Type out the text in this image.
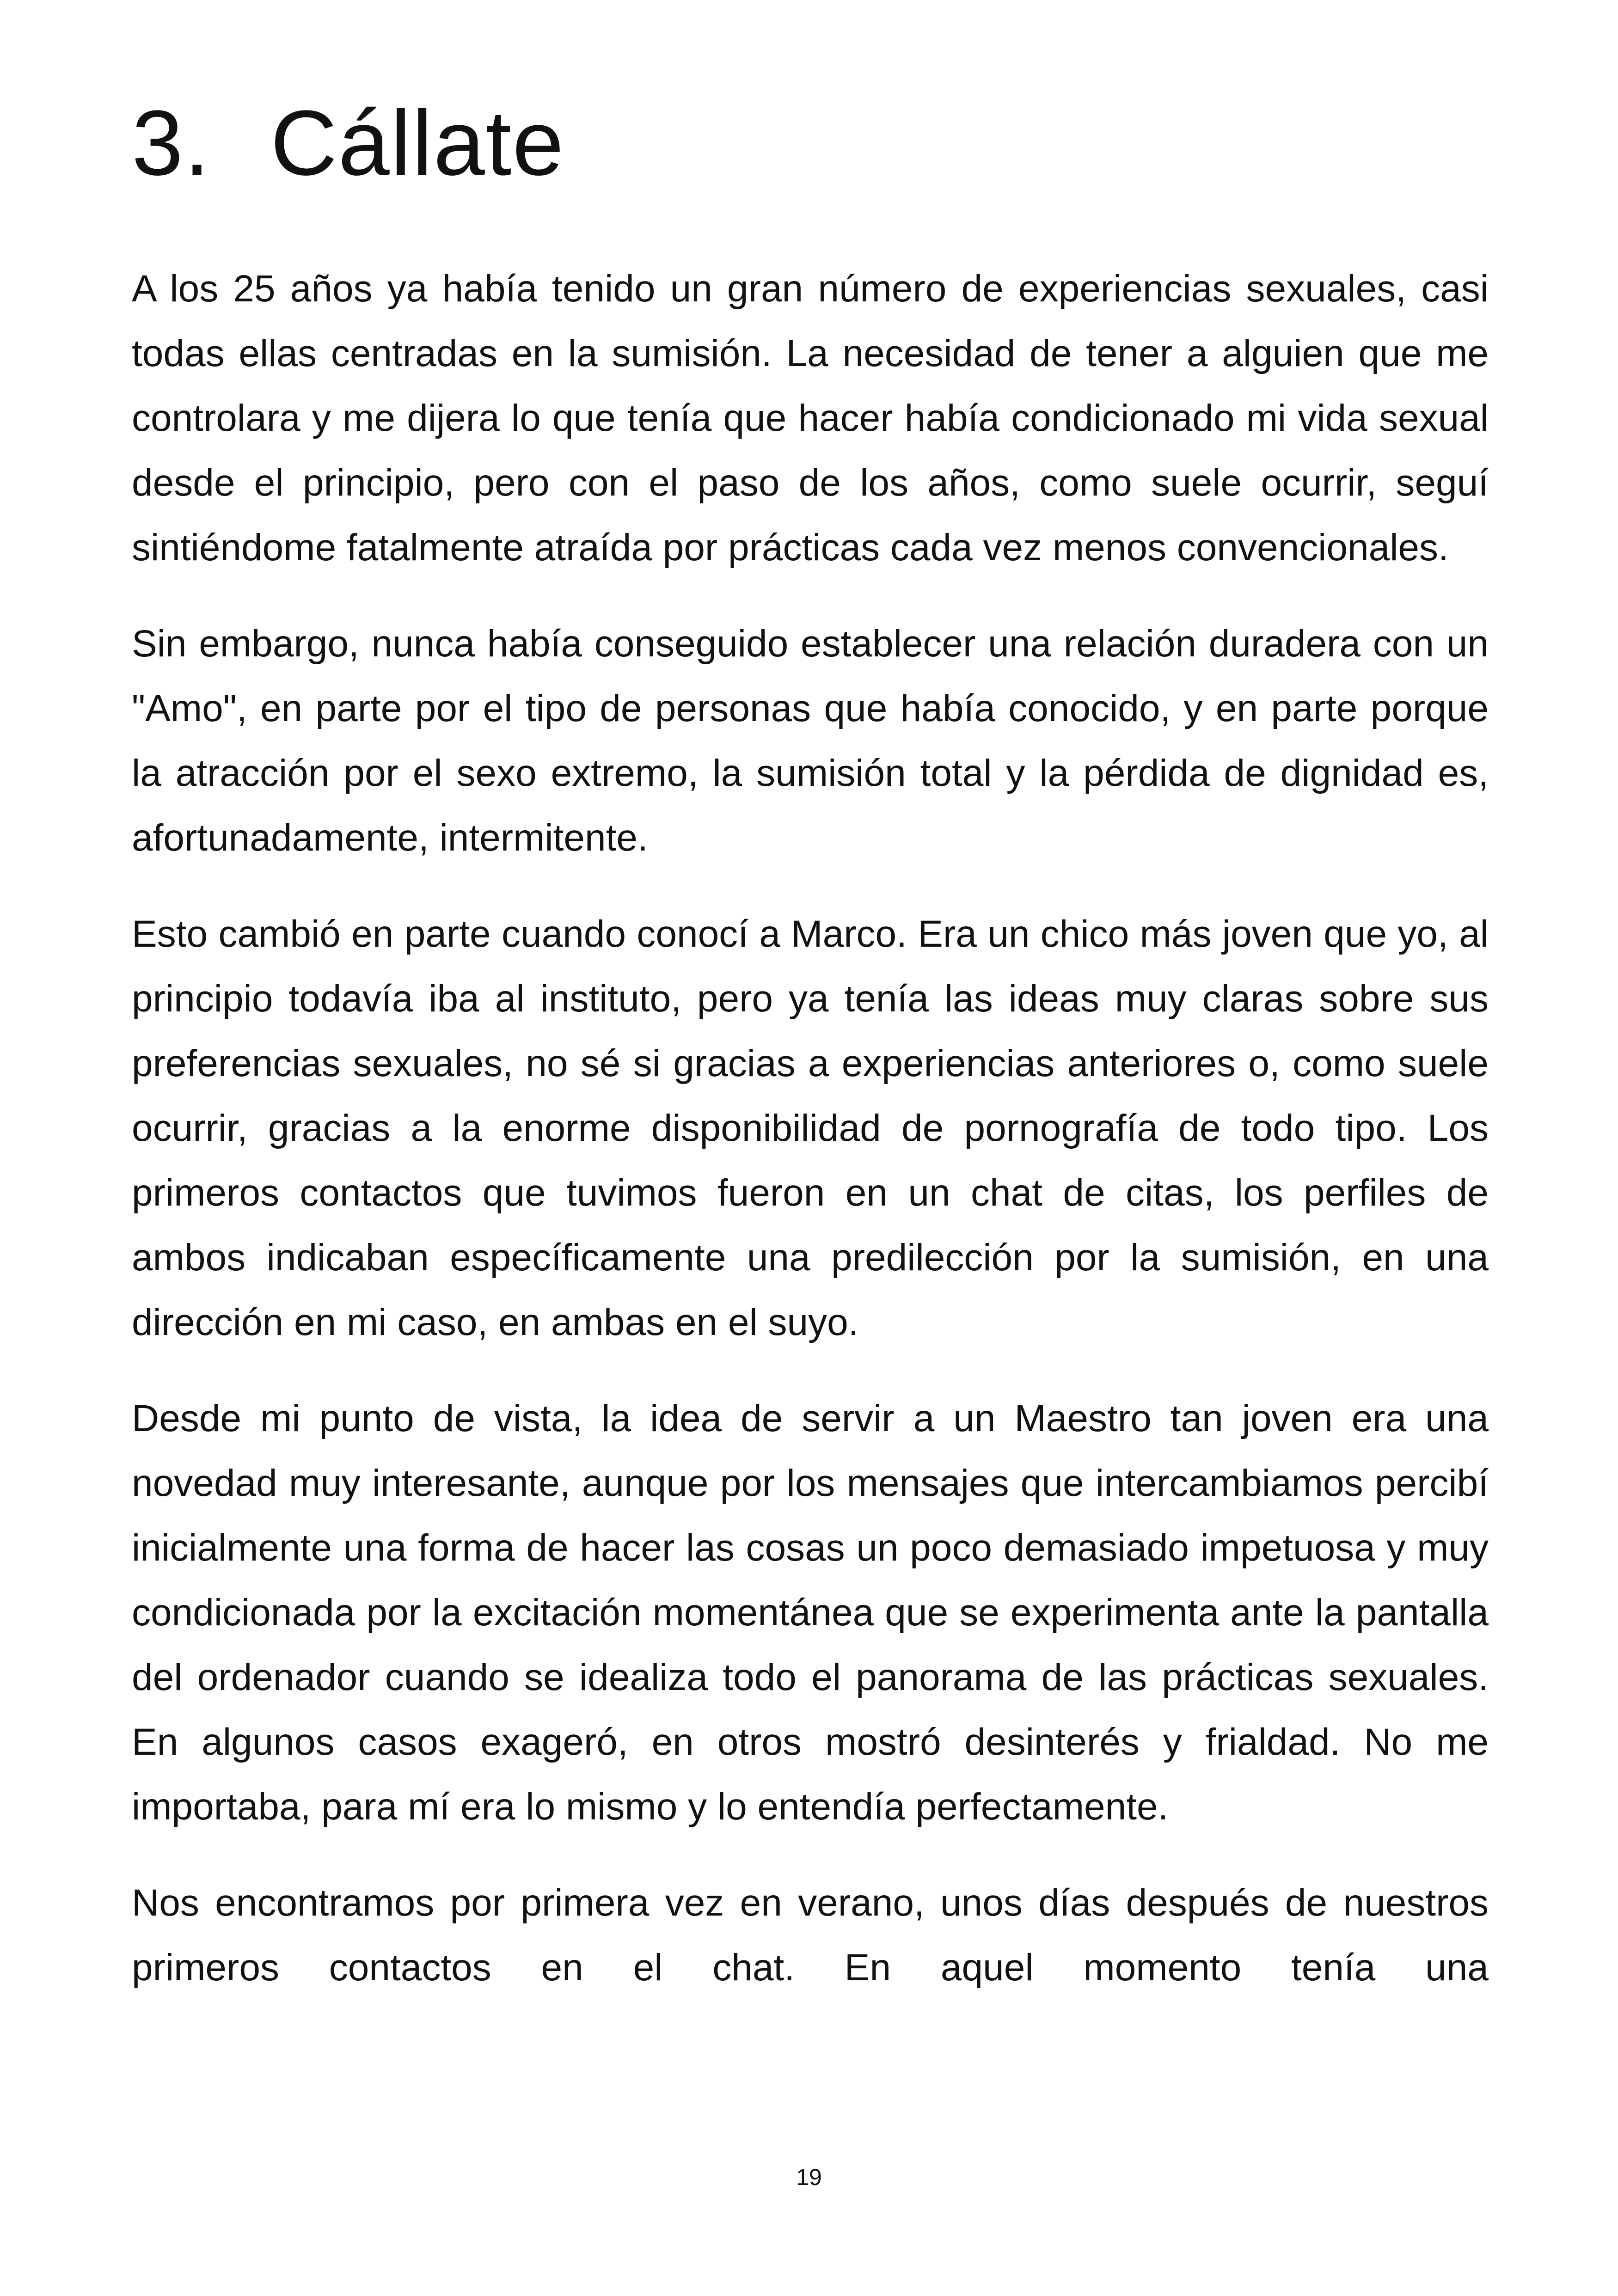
3. Cállate

A los 25 años ya había tenido un gran número de experiencias sexuales, casi todas ellas centradas en la sumisión. La necesidad de tener a alguien que me controlara y me dijera lo que tenía que hacer había condicionado mi vida sexual desde el principio, pero con el paso de los años, como suele ocurrir, seguí sintiéndome fatalmente atraída por prácticas cada vez menos convencionales.

Sin embargo, nunca había conseguido establecer una relación duradera con un "Amo", en parte por el tipo de personas que había conocido, y en parte porque la atracción por el sexo extremo, la sumisión total y la pérdida de dignidad es, afortunadamente, intermitente.

Esto cambió en parte cuando conocí a Marco. Era un chico más joven que yo, al principio todavía iba al instituto, pero ya tenía las ideas muy claras sobre sus preferencias sexuales, no sé si gracias a experiencias anteriores o, como suele ocurrir, gracias a la enorme disponibilidad de pornografía de todo tipo. Los primeros contactos que tuvimos fueron en un chat de citas, los perfiles de ambos indicaban específicamente una predilección por la sumisión, en una dirección en mi caso, en ambas en el suyo.

Desde mi punto de vista, la idea de servir a un Maestro tan joven era una novedad muy interesante, aunque por los mensajes que intercambiamos percibí inicialmente una forma de hacer las cosas un poco demasiado impetuosa y muy condicionada por la excitación momentánea que se experimenta ante la pantalla del ordenador cuando se idealiza todo el panorama de las prácticas sexuales. En algunos casos exageró, en otros mostró desinterés y frialdad. No me importaba, para mí era lo mismo y lo entendía perfectamente.

Nos encontramos por primera vez en verano, unos días después de nuestros primeros contactos en el chat. En aquel momento tenía una

19
